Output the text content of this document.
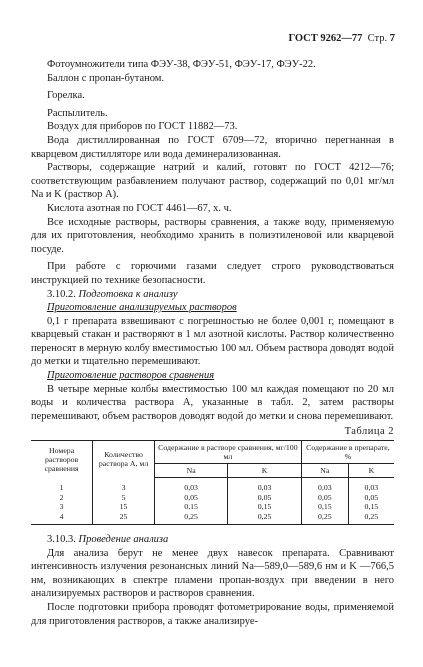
ГОСТ 9262—77 Стр. 7

Фотоумножители типа ФЭУ-38, ФЭУ-51, ФЭУ-17, ФЭУ-22.

Баллон с пропан-бутаном.

Горелка.

Распылитель.

Воздух для приборов по ГОСТ 11882—73.

Вода дистиллированная по ГОСТ 6709—72, вторично перегнанная в кварцевом дистилляторе или вода деминерализованная.

Растворы, содержащие натрий и калий, готовят по ГОСТ 4212—76; соответствующим разбавлением получают раствор, содержащий по 0,01 мг/мл Na и K (раствор А).

Кислота азотная по ГОСТ 4461—67, х. ч.

Все исходные растворы, растворы сравнения, а также воду, применяемую для их приготовления, необходимо хранить в полиэтиленовой или кварцевой посуде.

При работе с горючими газами следует строго руководствоваться инструкцией по технике безопасности.

3.10.2. Подготовка к анализу

Приготовление анализируемых растворов

0,1 г препарата взвешивают с погрешностью не более 0,001 г, помещают в кварцевый стакан и растворяют в 1 мл азотной кислоты. Раствор количественно переносят в мерную колбу вместимостью 100 мл. Объем раствора доводят водой до метки и тщательно перемешивают.

Приготовление растворов сравнения

В четыре мерные колбы вместимостью 100 мл каждая помещают по 20 мл воды и количества раствора А, указанные в табл. 2, затем растворы перемешивают, объем растворов доводят водой до метки и снова перемешивают.

Таблица 2
Номера растворов сравнения	Количество раствора А, мл	Содержание в растворе сравнения, мг/100 мл		Содержание в препарате, %	
		Na	K	Na	K
1	3	0,03	0,03	0,03	0,03
2	5	0,05	0,05	0,05	0,05
3	15	0,15	0,15	0,15	0,15
4	25	0,25	0,25	0,25	0,25

3.10.3. Проведение анализа

Для анализа берут не менее двух навесок препарата. Сравнивают интенсивность излучения резонансных линий Na—589,0—589,6 нм и K —766,5 нм, возникающих в спектре пламени пропан-воздух при введении в него анализируемых растворов и растворов сравнения.

После подготовки прибора проводят фотометрирование воды, применяемой для приготовления растворов, а также анализируе-
